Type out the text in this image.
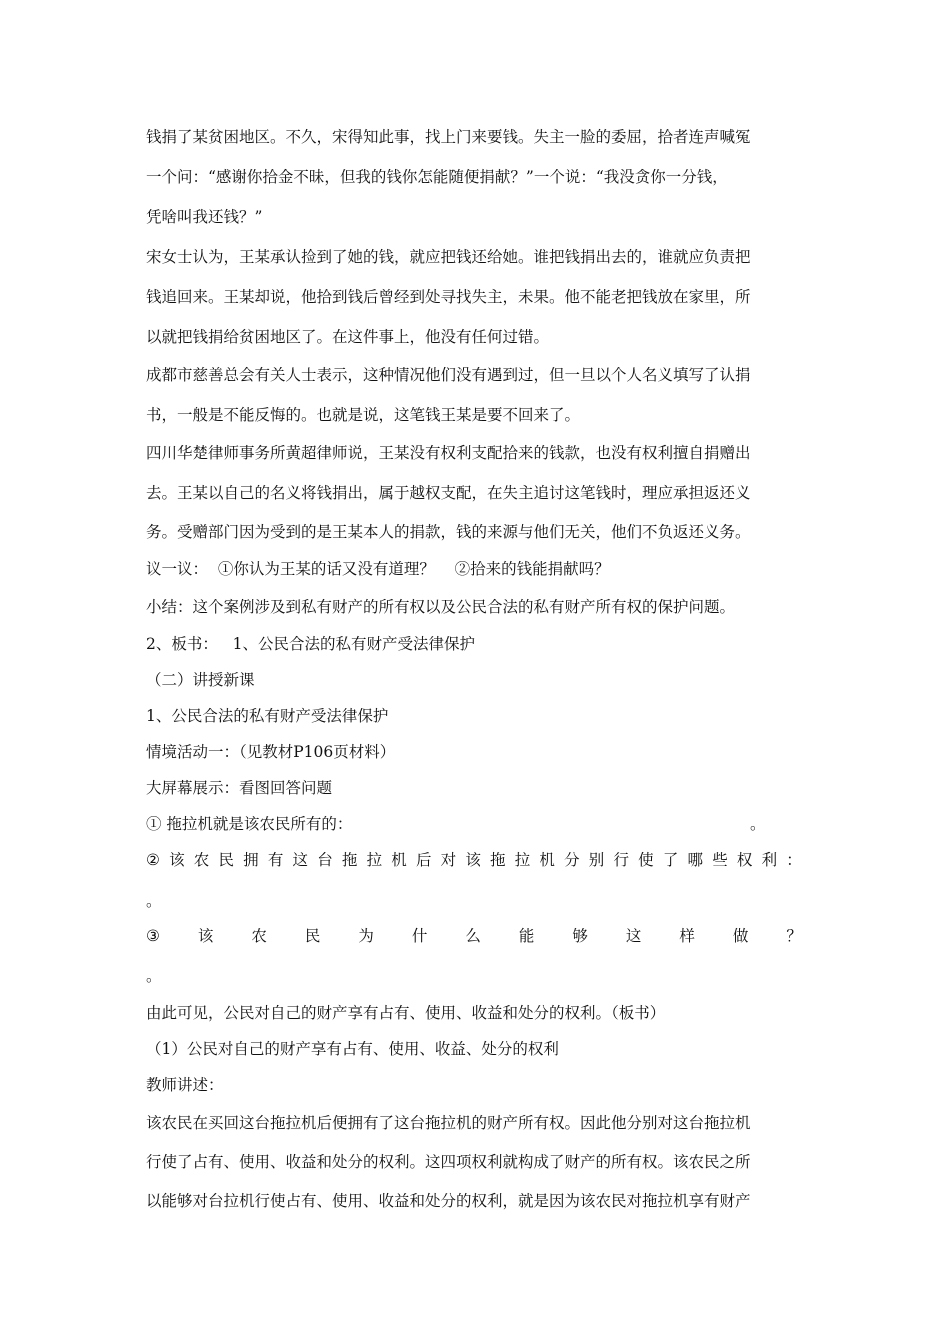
钱捐了某贫困地区。不久，宋得知此事，找上门来要钱。失主一脸的委屈，拾者连声喊冤
一个问：“感谢你拾金不昧，但我的钱你怎能随便捐献？”一个说：“我没贪你一分钱，
凭啥叫我还钱？”
宋女士认为，王某承认捡到了她的钱，就应把钱还给她。谁把钱捐出去的，谁就应负责把
钱追回来。王某却说，他拾到钱后曾经到处寻找失主，未果。他不能老把钱放在家里，所
以就把钱捐给贫困地区了。在这件事上，他没有任何过错。
成都市慈善总会有关人士表示，这种情况他们没有遇到过，但一旦以个人名义填写了认捐
书，一般是不能反悔的。也就是说，这笔钱王某是要不回来了。
四川华楚律师事务所黄超律师说，王某没有权利支配拾来的钱款，也没有权利擅自捐赠出
去。王某以自己的名义将钱捐出，属于越权支配，在失主追讨这笔钱时，理应承担返还义
务。受赠部门因为受到的是王某本人的捐款，钱的来源与他们无关，他们不负返还义务。
议一议：  ①你认为王某的话又没有道理？    ②拾来的钱能捐献吗？
小结：这个案例涉及到私有财产的所有权以及公民合法的私有财产所有权的保护问题。
2、板书：   1、公民合法的私有财产受法律保护
（二）讲授新课
1、公民合法的私有财产受法律保护
情境活动一：（见教材P106页材料）
大屏幕展示：看图回答问题
① 拖拉机就是该农民所有的：	。
② 该 农 民 拥 有 这 台 拖 拉 机 后 对 该 拖 拉 机 分 别 行 使 了 哪 些 权 利 ：
。
③ 该 农 民 为 什 么 能 够 这 样 做 ？
。
由此可见，公民对自己的财产享有占有、使用、收益和处分的权利。（板书）
（1）公民对自己的财产享有占有、使用、收益、处分的权利
教师讲述：
该农民在买回这台拖拉机后便拥有了这台拖拉机的财产所有权。因此他分别对这台拖拉机
行使了占有、使用、收益和处分的权利。这四项权利就构成了财产的所有权。该农民之所
以能够对台拉机行使占有、使用、收益和处分的权利，就是因为该农民对拖拉机享有财产
